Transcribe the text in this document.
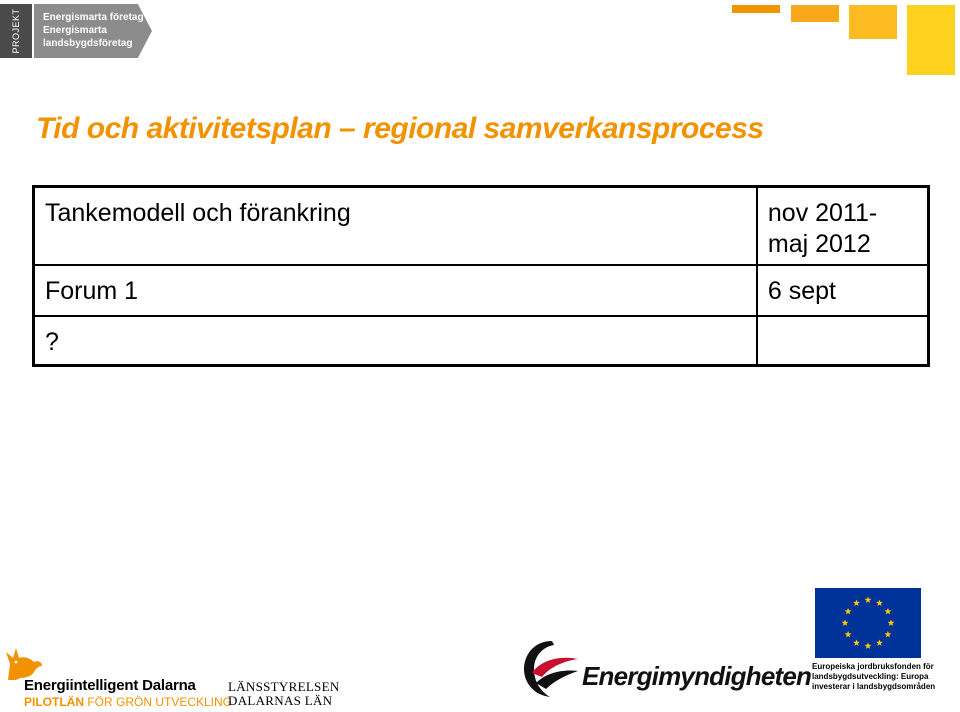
PROJEKT Energismarta företag
Energismarta
landsbygdsföretag
Tid och aktivitetsplan – regional samverkansprocess
Tankemodell och förankring	nov 2011- maj 2012
Forum 1	6 sept
?	
Energiintelligent Dalarna
PILOTLÄN FÖR GRÖN UTVECKLING
LÄNSSTYRELSEN
DALARNAS LÄN
Energimyndigheten Europeiska jordbruksfonden för landsbygdsutveckling: Europa investerar i landsbygdsområden
